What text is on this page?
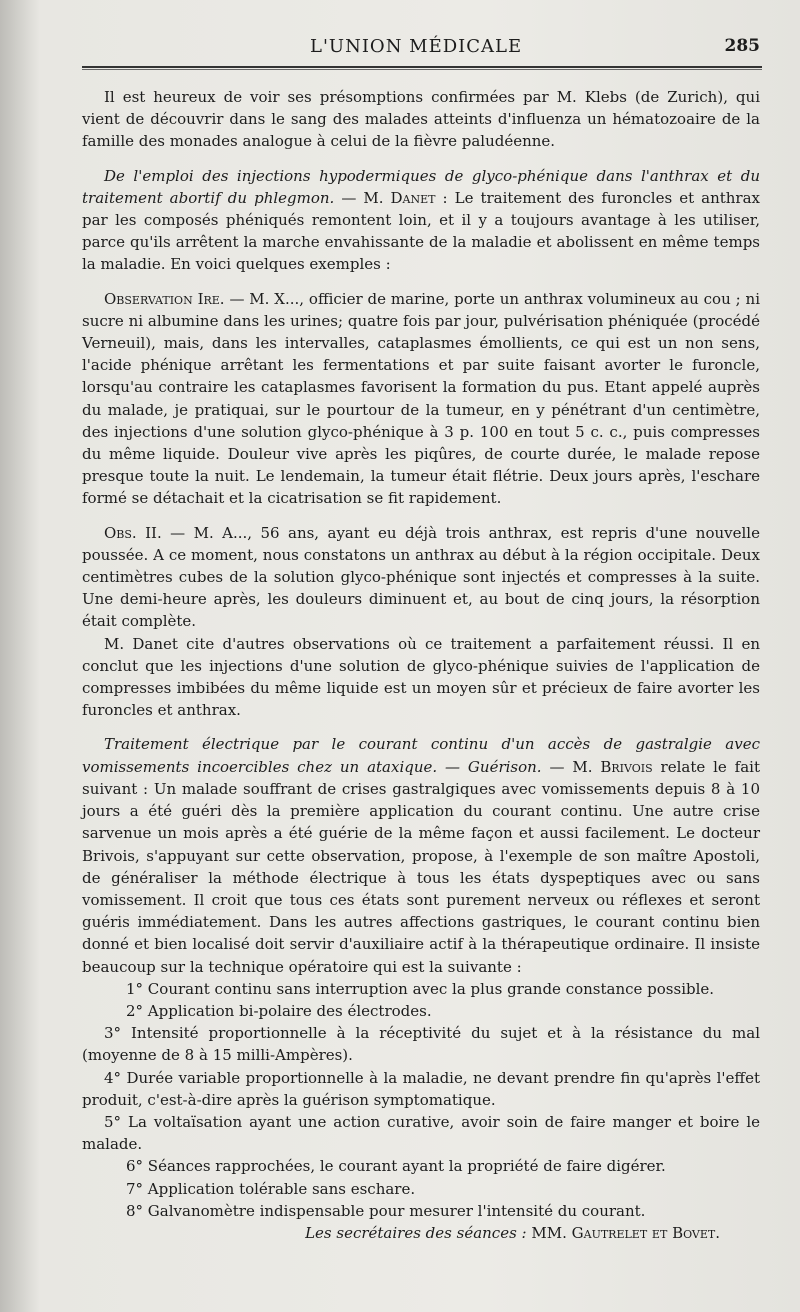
L'UNION MÉDICALE	285

Il est heureux de voir ses présomptions confirmées par M. Klebs (de Zurich), qui vient de découvrir dans le sang des malades atteints d'influenza un hématozoaire de la famille des monades analogue à celui de la fièvre paludéenne.

De l'emploi des injections hypodermiques de glyco-phénique dans l'anthrax et du traitement abortif du phlegmon. — M. Danet : Le traitement des furoncles et anthrax par les composés phéniqués remontent loin, et il y a toujours avantage à les utiliser, parce qu'ils arrêtent la marche envahissante de la maladie et abolissent en même temps la maladie. En voici quelques exemples :

Observation Ire. — M. X..., officier de marine, porte un anthrax volumineux au cou ; ni sucre ni albumine dans les urines; quatre fois par jour, pulvérisation phéniquée (procédé Verneuil), mais, dans les intervalles, cataplasmes émollients, ce qui est un non sens, l'acide phénique arrêtant les fermentations et par suite faisant avorter le furoncle, lorsqu'au contraire les cataplasmes favorisent la formation du pus. Etant appelé auprès du malade, je pratiquai, sur le pourtour de la tumeur, en y pénétrant d'un centimètre, des injections d'une solution glyco-phénique à 3 p. 100 en tout 5 c. c., puis compresses du même liquide. Douleur vive après les piqûres, de courte durée, le malade repose presque toute la nuit. Le lendemain, la tumeur était flétrie. Deux jours après, l'eschare formé se détachait et la cicatrisation se fit rapidement.

Obs. II. — M. A..., 56 ans, ayant eu déjà trois anthrax, est repris d'une nouvelle poussée. A ce moment, nous constatons un anthrax au début à la région occipitale. Deux centimètres cubes de la solution glyco-phénique sont injectés et compresses à la suite. Une demi-heure après, les douleurs diminuent et, au bout de cinq jours, la résorption était complète.

M. Danet cite d'autres observations où ce traitement a parfaitement réussi. Il en conclut que les injections d'une solution de glyco-phénique suivies de l'application de compresses imbibées du même liquide est un moyen sûr et précieux de faire avorter les furoncles et anthrax.

Traitement électrique par le courant continu d'un accès de gastralgie avec vomissements incoercibles chez un ataxique. — Guérison. — M. Brivois relate le fait suivant : Un malade souffrant de crises gastralgiques avec vomissements depuis 8 à 10 jours a été guéri dès la première application du courant continu. Une autre crise sarvenue un mois après a été guérie de la même façon et aussi facilement. Le docteur Brivois, s'appuyant sur cette observation, propose, à l'exemple de son maître Apostoli, de généraliser la méthode électrique à tous les états dyspeptiques avec ou sans vomissement. Il croit que tous ces états sont purement nerveux ou réflexes et seront guéris immédiatement. Dans les autres affections gastriques, le courant continu bien donné et bien localisé doit servir d'auxiliaire actif à la thérapeutique ordinaire. Il insiste beaucoup sur la technique opératoire qui est la suivante :

1° Courant continu sans interruption avec la plus grande constance possible.

2° Application bi-polaire des électrodes.

3° Intensité proportionnelle à la réceptivité du sujet et à la résistance du mal (moyenne de 8 à 15 milli-Ampères).

4° Durée variable proportionnelle à la maladie, ne devant prendre fin qu'après l'effet produit, c'est-à-dire après la guérison symptomatique.

5° La voltaïsation ayant une action curative, avoir soin de faire manger et boire le malade.

6° Séances rapprochées, le courant ayant la propriété de faire digérer.

7° Application tolérable sans eschare.

8° Galvanomètre indispensable pour mesurer l'intensité du courant.

Les secrétaires des séances : MM. Gautrelet et Bovet.
